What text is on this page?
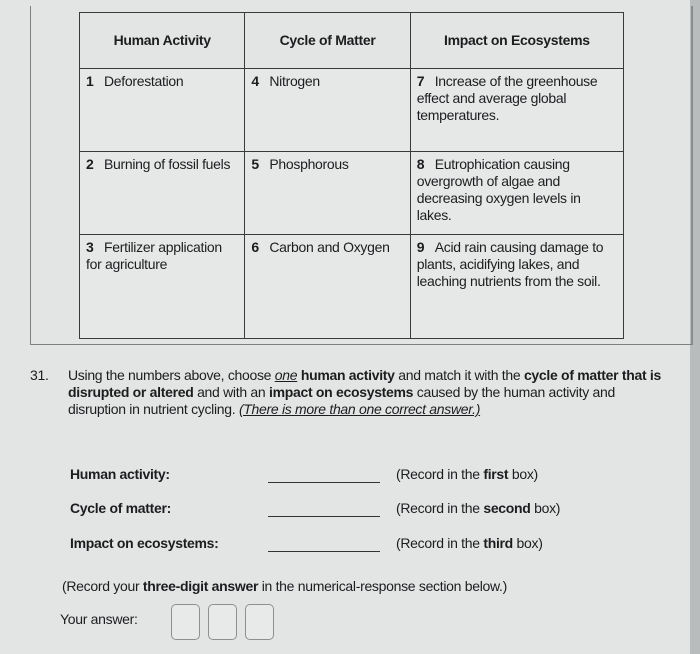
Human Activity	Cycle of Matter	Impact on Ecosystems
1 Deforestation	4 Nitrogen	7 Increase of the greenhouse effect and average global temperatures.
2 Burning of fossil fuels	5 Phosphorous	8 Eutrophication causing overgrowth of algae and decreasing oxygen levels in lakes.
3 Fertilizer application for agriculture	6 Carbon and Oxygen	9 Acid rain causing damage to plants, acidifying lakes, and leaching nutrients from the soil.
31. Using the numbers above, choose one human activity and match it with the cycle of matter that is disrupted or altered and with an impact on ecosystems caused by the human activity and disruption in nutrient cycling. (There is more than one correct answer.)
Human activity:	(Record in the first box)
Cycle of matter:	(Record in the second box)
Impact on ecosystems:	(Record in the third box)
(Record your three-digit answer in the numerical-response section below.)
Your answer:
